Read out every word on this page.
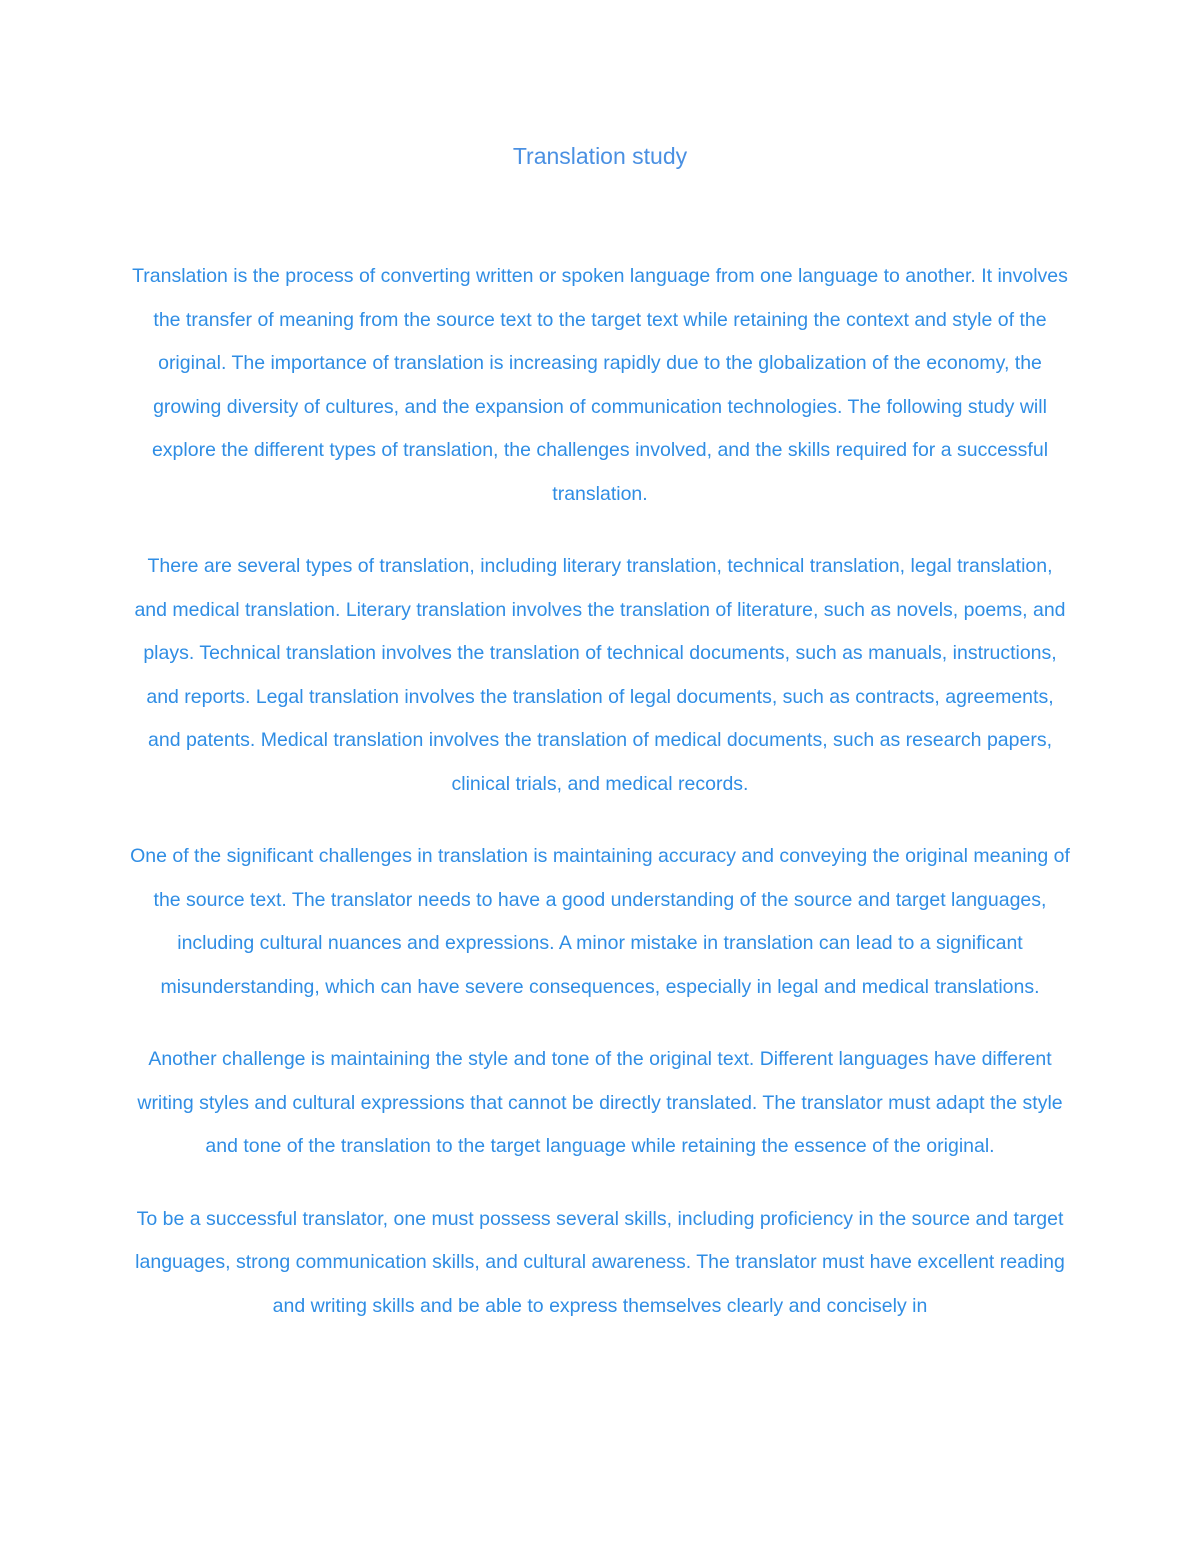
Translation study

Translation is the process of converting written or spoken language from one language to another. It involves the transfer of meaning from the source text to the target text while retaining the context and style of the original. The importance of translation is increasing rapidly due to the globalization of the economy, the growing diversity of cultures, and the expansion of communication technologies. The following study will explore the different types of translation, the challenges involved, and the skills required for a successful translation.

There are several types of translation, including literary translation, technical translation, legal translation, and medical translation. Literary translation involves the translation of literature, such as novels, poems, and plays. Technical translation involves the translation of technical documents, such as manuals, instructions, and reports. Legal translation involves the translation of legal documents, such as contracts, agreements, and patents. Medical translation involves the translation of medical documents, such as research papers, clinical trials, and medical records.

One of the significant challenges in translation is maintaining accuracy and conveying the original meaning of the source text. The translator needs to have a good understanding of the source and target languages, including cultural nuances and expressions. A minor mistake in translation can lead to a significant misunderstanding, which can have severe consequences, especially in legal and medical translations.

Another challenge is maintaining the style and tone of the original text. Different languages have different writing styles and cultural expressions that cannot be directly translated. The translator must adapt the style and tone of the translation to the target language while retaining the essence of the original.

To be a successful translator, one must possess several skills, including proficiency in the source and target languages, strong communication skills, and cultural awareness. The translator must have excellent reading and writing skills and be able to express themselves clearly and concisely in
